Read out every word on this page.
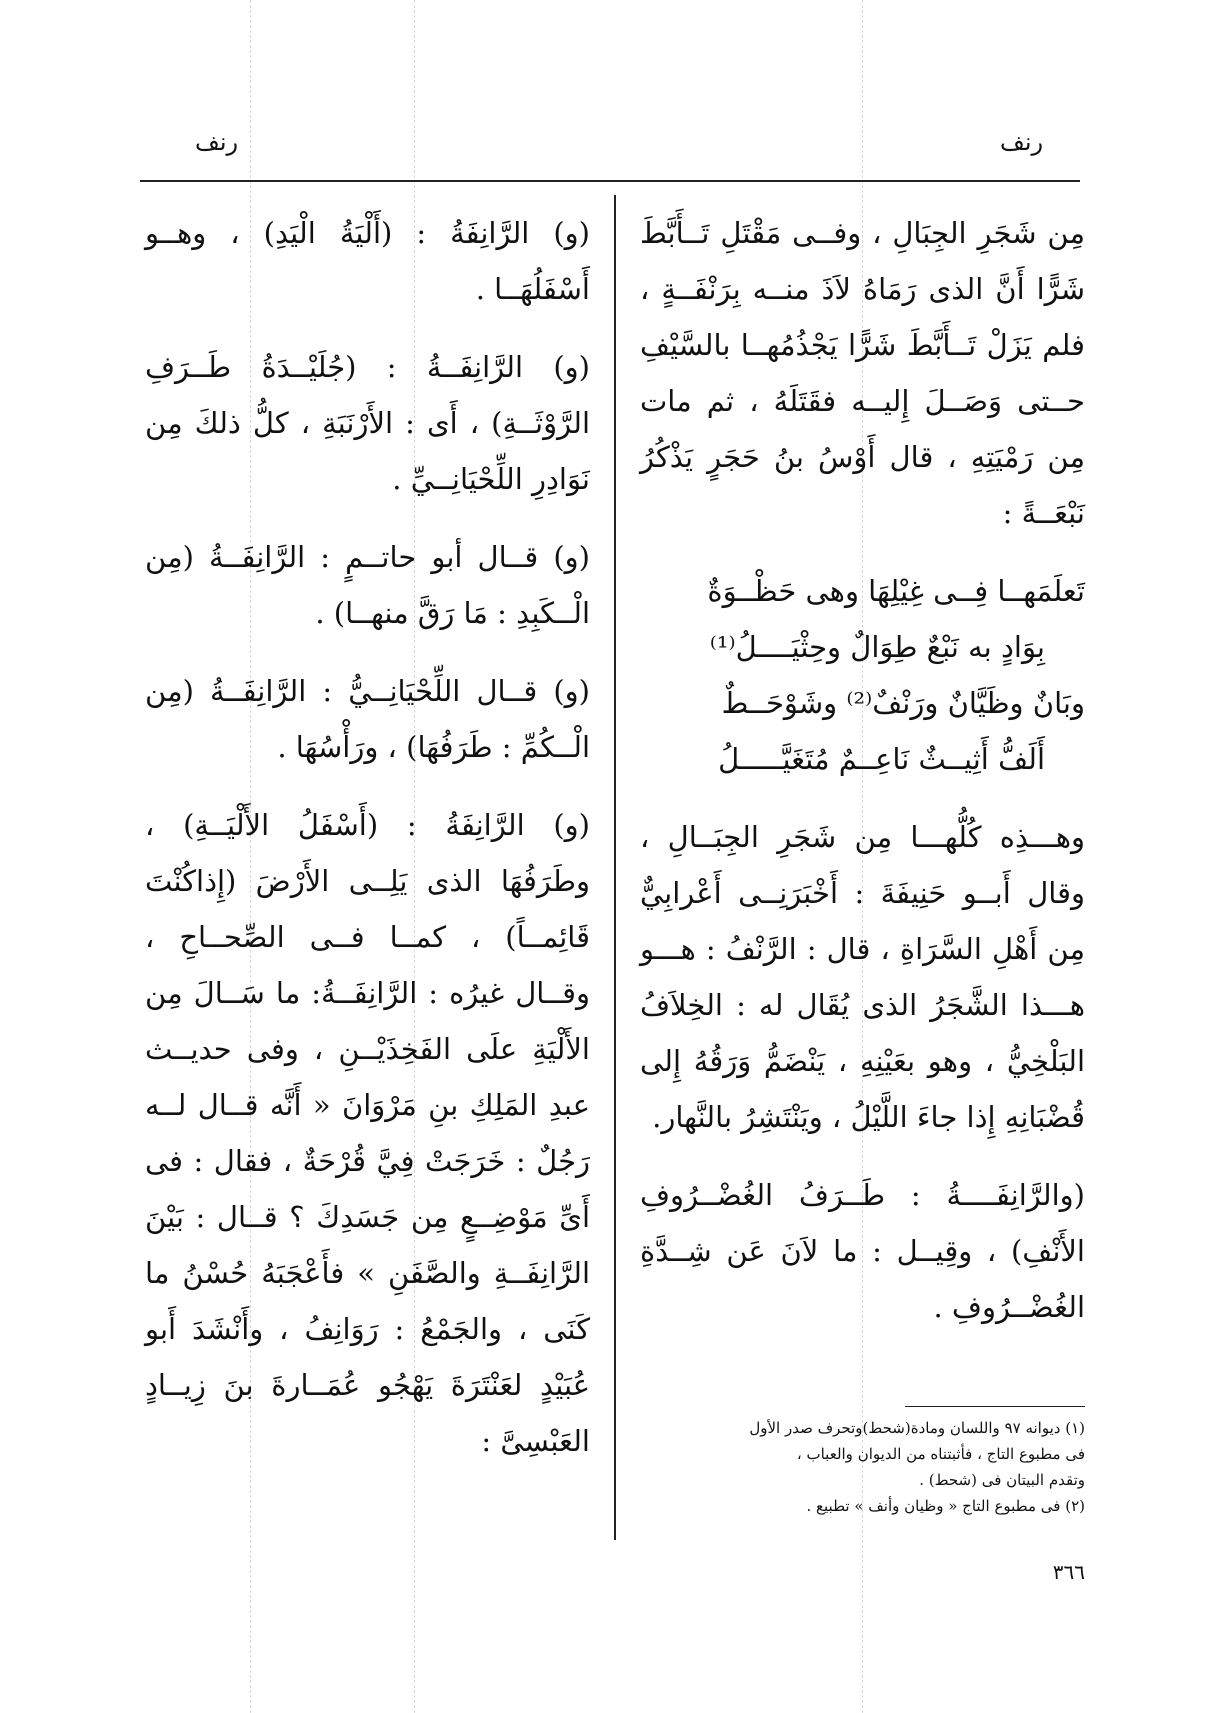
رنف
رنف

مِن شَجَرِ الجِبَالِ ، وفــى مَقْتَلِ تَــأَبَّطَ شَرًّا أَنَّ الذى رَمَاهُ لاَذَ منــه بِرَنْفَــةٍ ، فلم يَزَلْ تَــأَبَّطَ شَرًّا يَجْذُمُهــا بالسَّيْفِ حــتى وَصَــلَ إِليــه فقَتَلَهُ ، ثم مات مِن رَمْيَتِهِ ، قال أَوْسُ بنُ حَجَرٍ يَذْكُرُ نَبْعَــةً :

تَعلَمَهــا فِــى غِيْلِهَا وهى حَظْــوَةٌ

بِوَادٍ به نَبْعٌ طِوَالٌ وحِثْيَــــلُ⁽¹⁾

وبَانٌ وظَيَّانٌ ورَنْفٌ⁽²⁾ وشَوْحَــطٌ

أَلَفُّ أَثِيــثٌ نَاعِــمٌ مُتَغَيَّـــــلُ

وهـــذِه كُلُّهـــا مِن شَجَرِ الجِبَــالِ ، وقال أَبــو حَنِيفَةَ : أَخْبَرَنِــى أَعْرابِيٌّ مِن أَهْلِ السَّرَاةِ ، قال : الرَّنْفُ : هـــو هـــذا الشَّجَرُ الذى يُقَال له : الخِلاَفُ البَلْخِيُّ ، وهو بعَيْنِهِ ، يَنْضَمُّ وَرَقُهُ إِلى قُضْبَانِهِ إِذا جاءَ اللَّيْلُ ، ويَنْتَشِرُ بالنَّهار.

(والرَّانِفَــــةُ : طَــرَفُ الغُضْــرُوفِ الأَنْفِ) ، وقِيــل : ما لاَنَ عَن شِــدَّةِ الغُضْــرُوفِ .

(و) الرَّانِفَةُ : (أَلْيَةُ الْيَدِ) ، وهــو أَسْفَلُهَــا .

(و) الرَّانِفَــةُ : (جُلَيْــدَةُ طَــرَفِ الرَّوْثَــةِ) ، أَى : الأَرْنَبَةِ ، كلُّ ذلكَ مِن نَوَادِرِ اللِّحْيَانِــيِّ .

(و) قــال أبو حاتــمٍ : الرَّانِفَــةُ (مِن الْــكَبِدِ : مَا رَقَّ منهــا) .

(و) قــال اللِّحْيَانِــيُّ : الرَّانِفَــةُ (مِن الْــكُمِّ : طَرَفُهَا) ، ورَأْسُهَا .

(و) الرَّانِفَةُ : (أَسْفَلُ الأَلْيَــةِ) ، وطَرَفُهَا الذى يَلِــى الأَرْضَ (إِذاكُنْتَ قَائِمــاً) ، كمــا فــى الصِّحــاحِ ، وقــال غيرُه : الرَّانِفَــةُ: ما سَــالَ مِن الأَلْيَةِ علَى الفَخِذَيْــنِ ، وفى حديــث عبدِ المَلِكِ بنِ مَرْوَانَ « أَنَّه قــال لــه رَجُلٌ : خَرَجَتْ فِيَّ قُرْحَةٌ ، فقال : فى أَىِّ مَوْضِــعٍ مِن جَسَدِكَ ؟ قــال : بَيْنَ الرَّانِفَــةِ والصَّفَنِ » فأَعْجَبَهُ حُسْنُ ما كَنَى ، والجَمْعُ : رَوَانِفُ ، وأَنْشَدَ أَبو عُبَيْدٍ لعَنْتَرَةَ يَهْجُو عُمَــارةَ بنَ زِيــادٍ العَبْسِىَّ :	(١) ديوانه ٩٧ واللسان ومادة(شحط)وتحرف صدر الأول
فى مطبوع التاج ، فأثبتناه من الديوان والعباب ،
وتقدم البيتان فى (شحط) .
(٢) فى مطبوع التاج « وظيان وأنف » تطبيع .
٣٦٦
